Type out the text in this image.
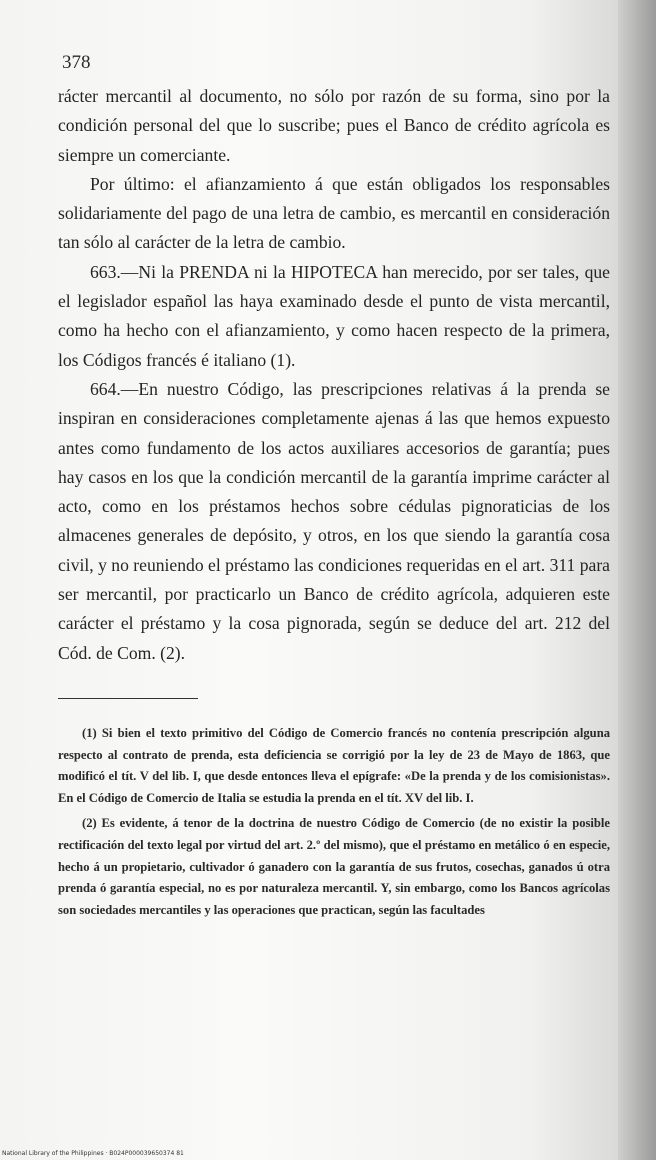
378

rácter mercantil al documento, no sólo por razón de su forma, sino por la condición personal del que lo suscribe; pues el Banco de crédito agrícola es siempre un comerciante.

Por último: el afianzamiento á que están obligados los responsables solidariamente del pago de una letra de cambio, es mercantil en consideración tan sólo al carácter de la letra de cambio.

663.—Ni la PRENDA ni la HIPOTECA han merecido, por ser tales, que el legislador español las haya examinado desde el punto de vista mercantil, como ha hecho con el afianzamiento, y como hacen respecto de la primera, los Códigos francés é italiano (1).

664.—En nuestro Código, las prescripciones relativas á la prenda se inspiran en consideraciones completamente ajenas á las que hemos expuesto antes como fundamento de los actos auxiliares accesorios de garantía; pues hay casos en los que la condición mercantil de la garantía imprime carácter al acto, como en los préstamos hechos sobre cédulas pignoraticias de los almacenes generales de depósito, y otros, en los que siendo la garantía cosa civil, y no reuniendo el préstamo las condiciones requeridas en el art. 311 para ser mercantil, por practicarlo un Banco de crédito agrícola, adquieren este carácter el préstamo y la cosa pignorada, según se deduce del art. 212 del Cód. de Com. (2).

(1) Si bien el texto primitivo del Código de Comercio francés no contenía prescripción alguna respecto al contrato de prenda, esta deficiencia se corrigió por la ley de 23 de Mayo de 1863, que modificó el tít. V del lib. I, que desde entonces lleva el epígrafe: «De la prenda y de los comisionistas». En el Código de Comercio de Italia se estudia la prenda en el tít. XV del lib. I.

(2) Es evidente, á tenor de la doctrina de nuestro Código de Comercio (de no existir la posible rectificación del texto legal por virtud del art. 2.º del mismo), que el préstamo en metálico ó en especie, hecho á un propietario, cultivador ó ganadero con la garantía de sus frutos, cosechas, ganados ú otra prenda ó garantía especial, no es por naturaleza mercantil. Y, sin embargo, como los Bancos agrícolas son sociedades mercantiles y las operaciones que practican, según las facultades

National Library of the Philippines · B024P000039650374 81
